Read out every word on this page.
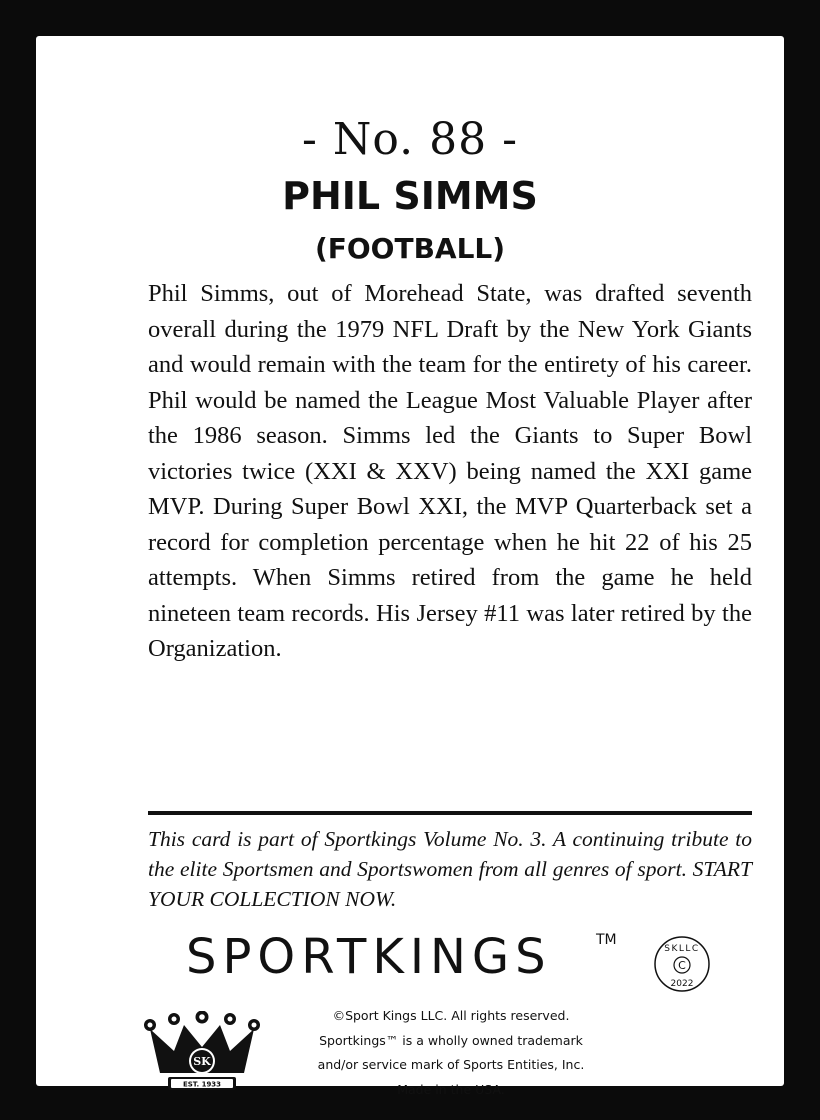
- No. 88 -
PHIL SIMMS
(FOOTBALL)

Phil Simms, out of Morehead State, was drafted seventh overall during the 1979 NFL Draft by the New York Giants and would remain with the team for the entirety of his career. Phil would be named the League Most Valuable Player after the 1986 season. Simms led the Giants to Super Bowl victories twice (XXI & XXV) being named the XXI game MVP. During Super Bowl XXI, the MVP Quarterback set a record for completion percentage when he hit 22 of his 25 attempts. When Simms retired from the game he held nineteen team records. His Jersey #11 was later retired by the Organization.

This card is part of Sportkings Volume No. 3. A continuing tribute to the elite Sportsmen and Sportswomen from all genres of sport. START YOUR COLLECTION NOW.

SPORTKINGS	TM
SKLLC
C
2022
SK
EST. 1933
©Sport Kings LLC. All rights reserved.
Sportkings™ is a wholly owned trademark
and/or service mark of Sports Entities, Inc.
Made in the USA.
